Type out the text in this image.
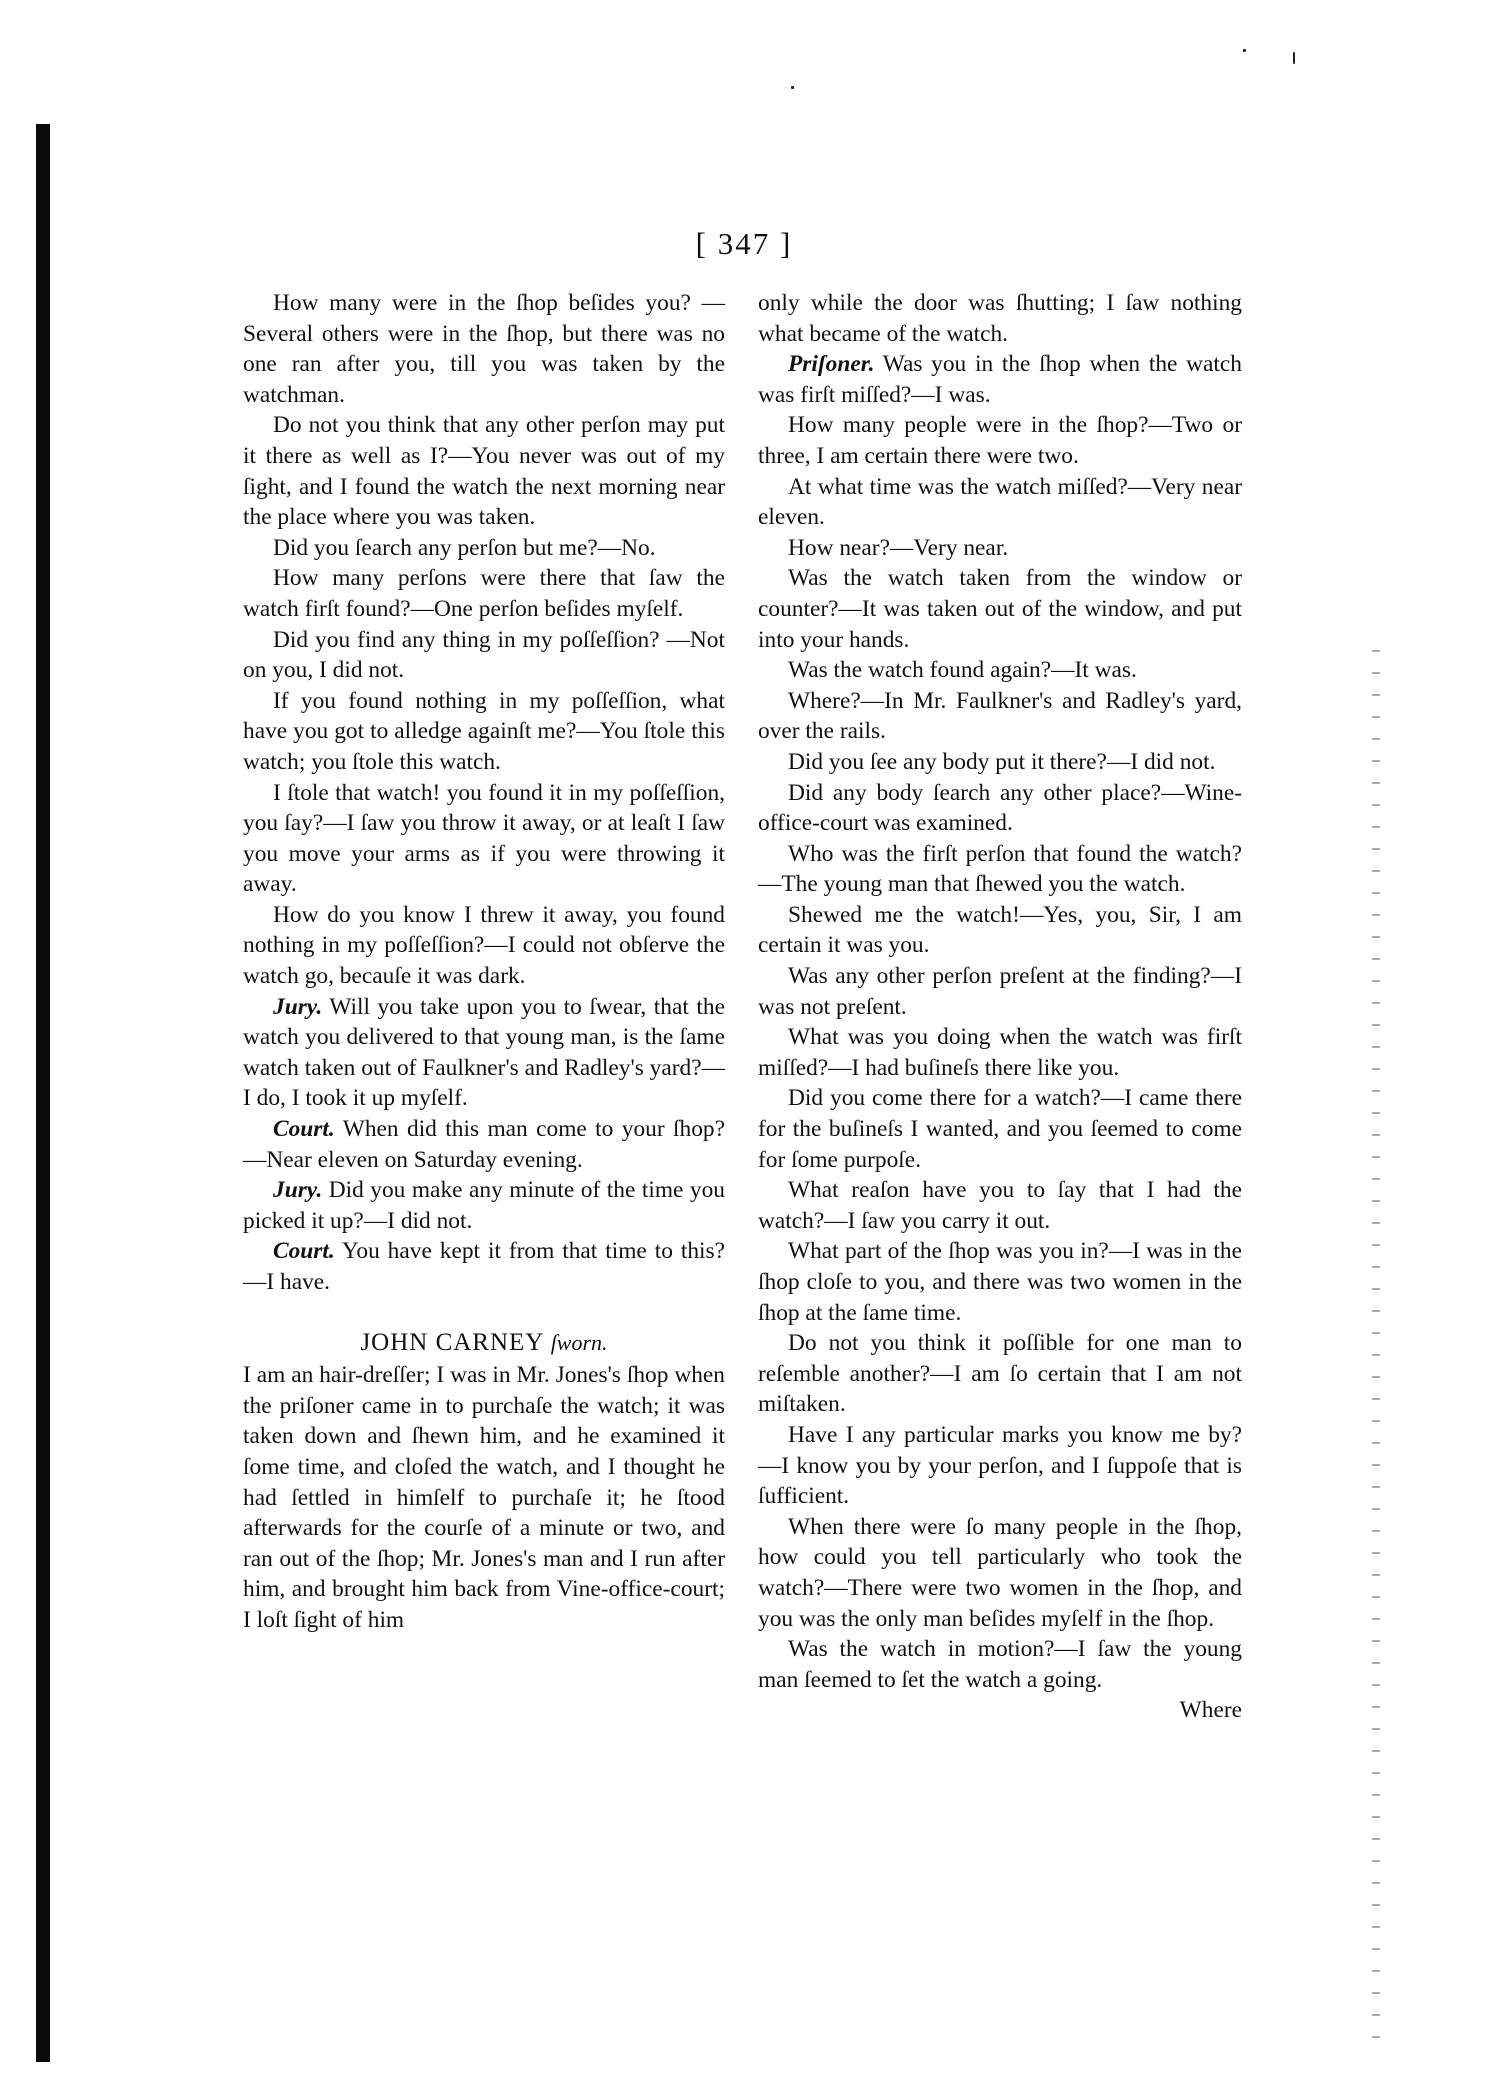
[ 347 ]

How many were in the ſhop beſides you? —Several others were in the ſhop, but there was no one ran after you, till you was taken by the watchman.

Do not you think that any other perſon may put it there as well as I?—You never was out of my ſight, and I found the watch the next morning near the place where you was taken.

Did you ſearch any perſon but me?—No.

How many perſons were there that ſaw the watch firſt found?—One perſon beſides myſelf.

Did you find any thing in my poſſeſſion? —Not on you, I did not.

If you found nothing in my poſſeſſion, what have you got to alledge againſt me?—You ſtole this watch; you ſtole this watch.

I ſtole that watch! you found it in my poſſeſſion, you ſay?—I ſaw you throw it away, or at leaſt I ſaw you move your arms as if you were throwing it away.

How do you know I threw it away, you found nothing in my poſſeſſion?—I could not obſerve the watch go, becauſe it was dark.

Jury. Will you take upon you to ſwear, that the watch you delivered to that young man, is the ſame watch taken out of Faulkner's and Radley's yard?—I do, I took it up myſelf.

Court. When did this man come to your ſhop?—Near eleven on Saturday evening.

Jury. Did you make any minute of the time you picked it up?—I did not.

Court. You have kept it from that time to this?—I have.

JOHN CARNEY ſworn.

I am an hair-dreſſer; I was in Mr. Jones's ſhop when the priſoner came in to purchaſe the watch; it was taken down and ſhewn him, and he examined it ſome time, and cloſed the watch, and I thought he had ſettled in himſelf to purchaſe it; he ſtood afterwards for the courſe of a minute or two, and ran out of the ſhop; Mr. Jones's man and I run after him, and brought him back from Vine-office-court; I loſt ſight of him

only while the door was ſhutting; I ſaw nothing what became of the watch.

Priſoner. Was you in the ſhop when the watch was firſt miſſed?—I was.

How many people were in the ſhop?—Two or three, I am certain there were two.

At what time was the watch miſſed?—Very near eleven.

How near?—Very near.

Was the watch taken from the window or counter?—It was taken out of the window, and put into your hands.

Was the watch found again?—It was.

Where?—In Mr. Faulkner's and Radley's yard, over the rails.

Did you ſee any body put it there?—I did not.

Did any body ſearch any other place?—Wine-office-court was examined.

Who was the firſt perſon that found the watch?—The young man that ſhewed you the watch.

Shewed me the watch!—Yes, you, Sir, I am certain it was you.

Was any other perſon preſent at the finding?—I was not preſent.

What was you doing when the watch was firſt miſſed?—I had buſineſs there like you.

Did you come there for a watch?—I came there for the buſineſs I wanted, and you ſeemed to come for ſome purpoſe.

What reaſon have you to ſay that I had the watch?—I ſaw you carry it out.

What part of the ſhop was you in?—I was in the ſhop cloſe to you, and there was two women in the ſhop at the ſame time.

Do not you think it poſſible for one man to reſemble another?—I am ſo certain that I am not miſtaken.

Have I any particular marks you know me by?—I know you by your perſon, and I ſuppoſe that is ſufficient.

When there were ſo many people in the ſhop, how could you tell particularly who took the watch?—There were two women in the ſhop, and you was the only man beſides myſelf in the ſhop.

Was the watch in motion?—I ſaw the young man ſeemed to ſet the watch a going.

Where
